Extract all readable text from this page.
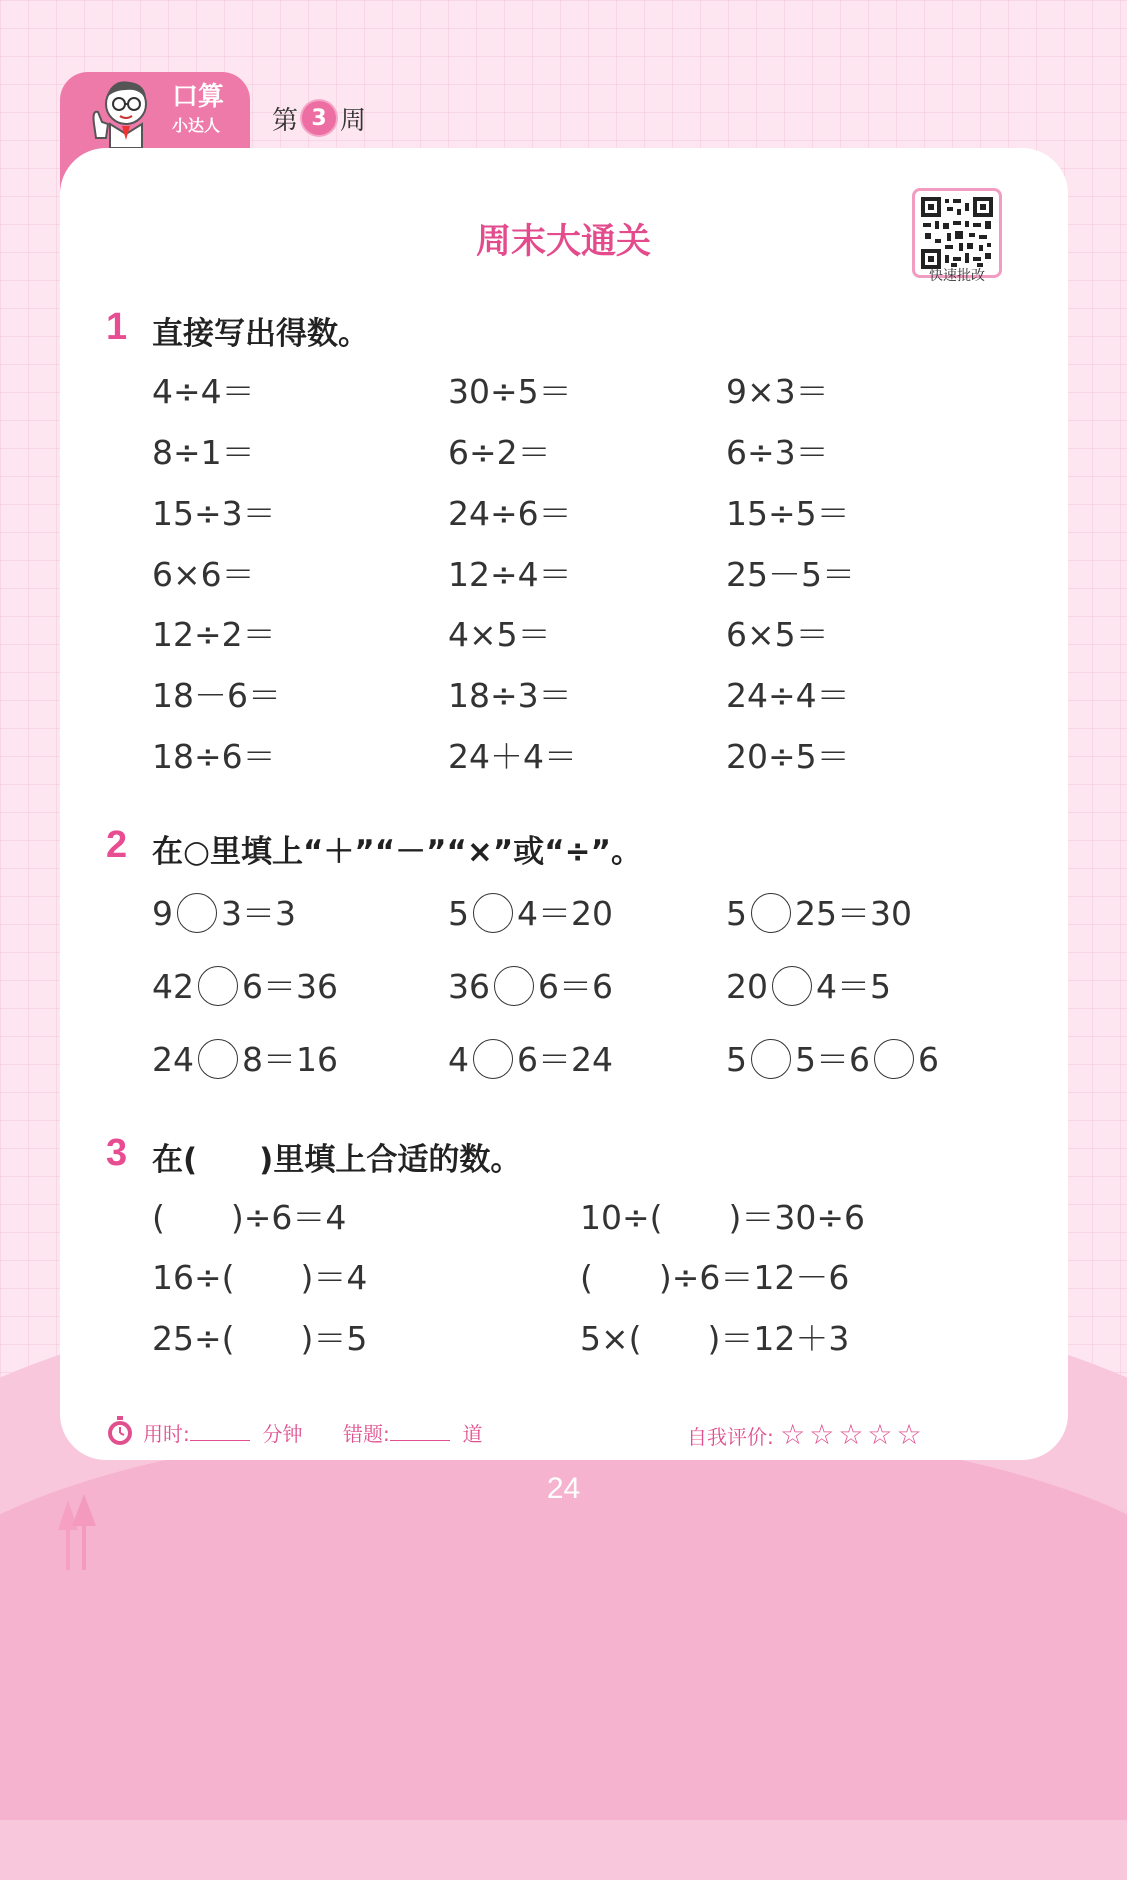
口算
小达人 第 3 周
周末大通关
快速批改
1 直接写出得数。
4÷4＝	30÷5＝	9×3＝
8÷1＝	6÷2＝	6÷3＝
15÷3＝	24÷6＝	15÷5＝
6×6＝	12÷4＝	25－5＝
12÷2＝	4×5＝	6×5＝
18－6＝	18÷3＝	24÷4＝
18÷6＝	24＋4＝	20÷5＝
2 在○里填上“＋”“－”“×”或“÷”。
9 3＝3	5 4＝20	5 25＝30
42 6＝36	36 6＝6	20 4＝5
24 8＝16	4 6＝24	5 5＝6 6
3 在(　　)里填上合适的数。
(　　)÷6＝4	10÷(　　)＝30÷6
16÷(　　)＝4	(　　)÷6＝12－6
25÷(　　)＝5	5×(　　)＝12＋3
用时:	分钟 错题:	道	自我评价: ☆☆☆☆☆
24
